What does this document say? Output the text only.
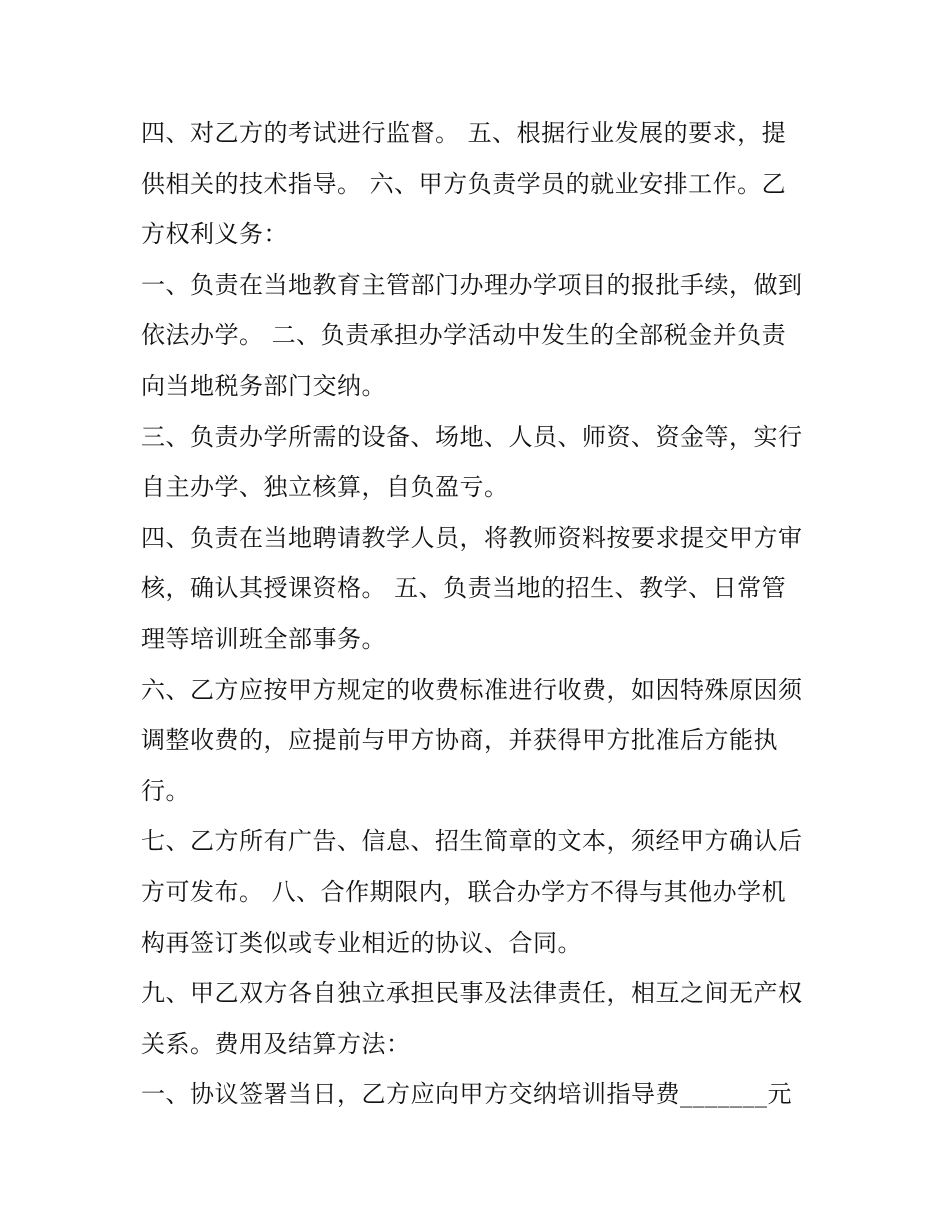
四、对乙方的考试进行监督。 五、根据行业发展的要求，提
供相关的技术指导。 六、甲方负责学员的就业安排工作。乙
方权利义务：
一、负责在当地教育主管部门办理办学项目的报批手续，做到
依法办学。 二、负责承担办学活动中发生的全部税金并负责
向当地税务部门交纳。
三、负责办学所需的设备、场地、人员、师资、资金等，实行
自主办学、独立核算，自负盈亏。
四、负责在当地聘请教学人员，将教师资料按要求提交甲方审
核，确认其授课资格。 五、负责当地的招生、教学、日常管
理等培训班全部事务。
六、乙方应按甲方规定的收费标准进行收费，如因特殊原因须
调整收费的，应提前与甲方协商，并获得甲方批准后方能执
行。
七、乙方所有广告、信息、招生简章的文本，须经甲方确认后
方可发布。 八、合作期限内，联合办学方不得与其他办学机
构再签订类似或专业相近的协议、合同。
九、甲乙双方各自独立承担民事及法律责任，相互之间无产权
关系。费用及结算方法：
一、协议签署当日，乙方应向甲方交纳培训指导费_______元
